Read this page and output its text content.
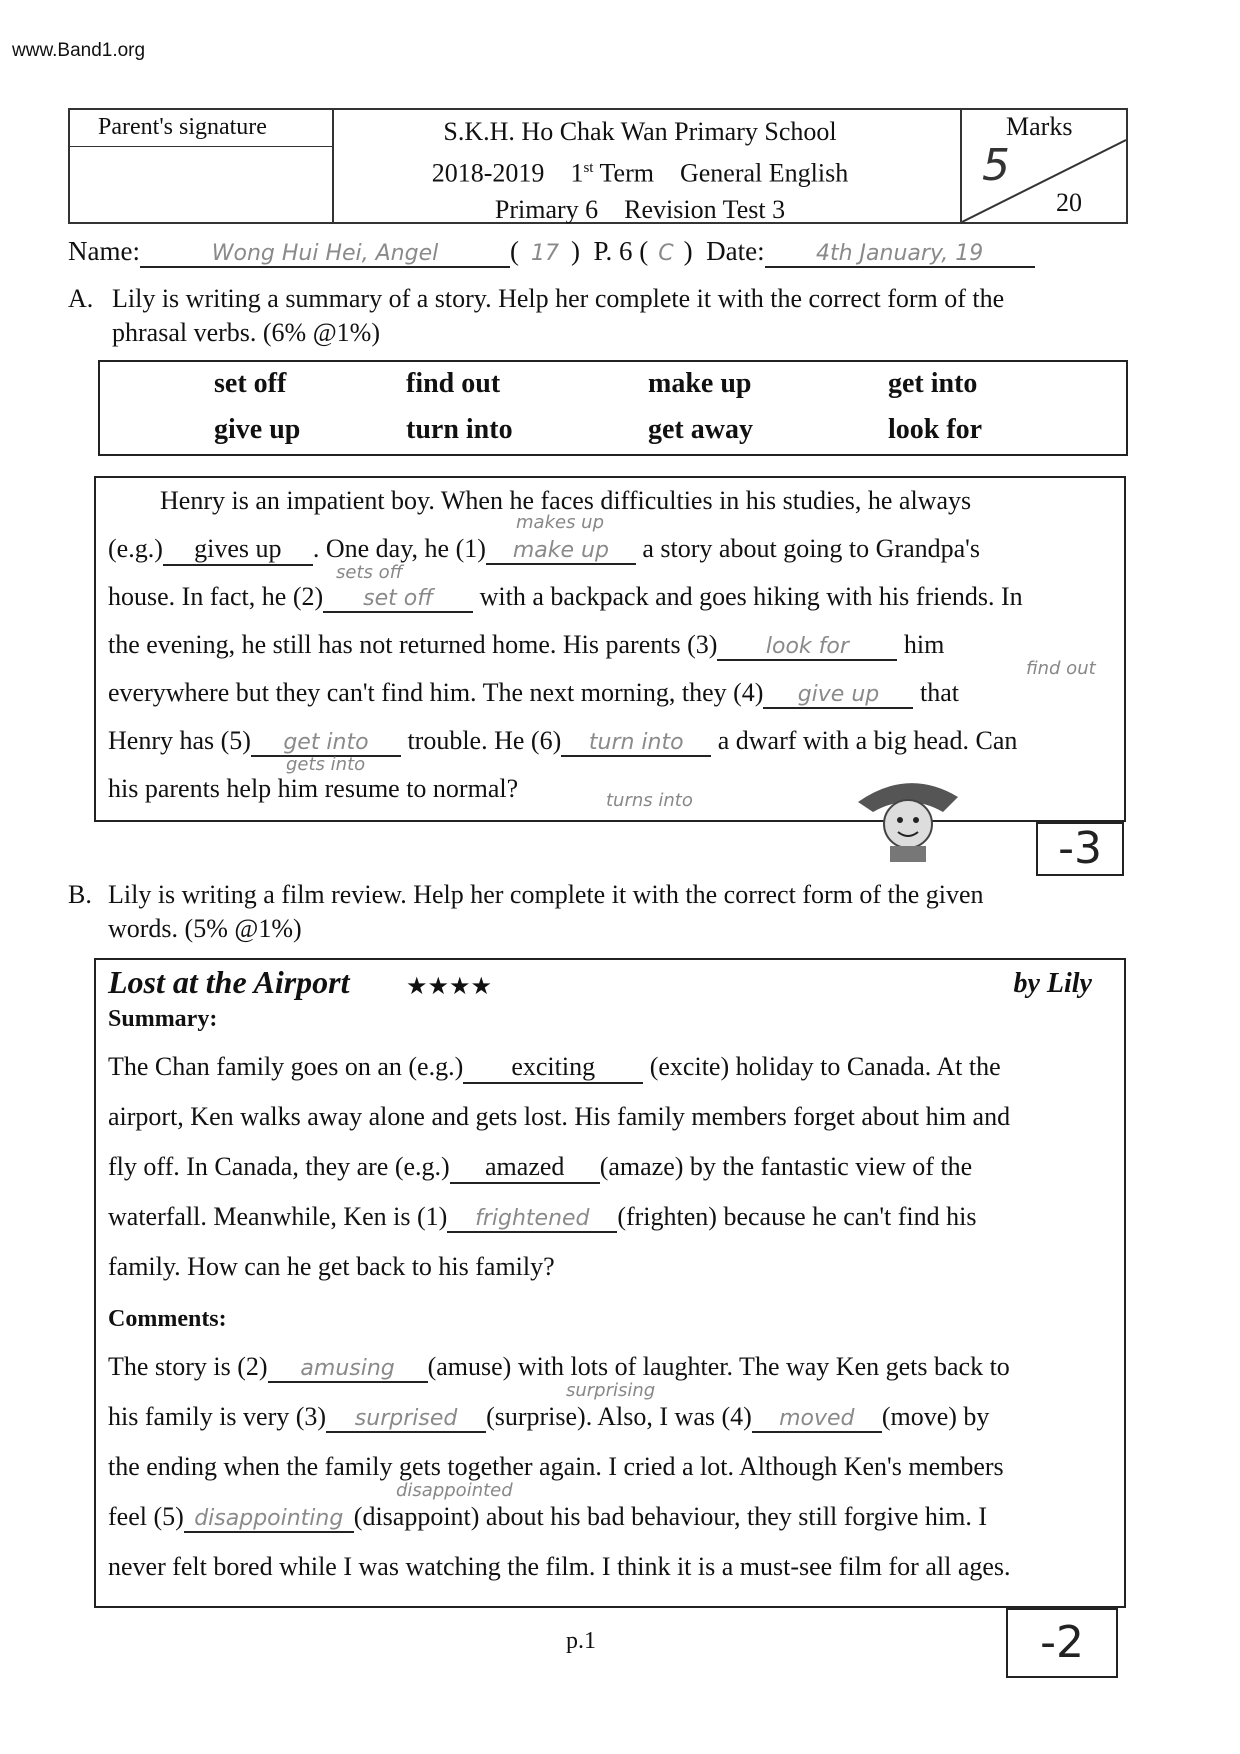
www.Band1.org
Parent's signature	S.K.H. Ho Chak Wan Primary School
2018-2019 1st Term General English
Primary 6 Revision Test 3
Marks
5
20
Name:	Wong Hui Hei, Angel	( 17 )  P. 6 ( C )  Date: 4th January, 19
A. Lily is writing a summary of a story. Help her complete it with the correct form of the
phrasal verbs. (6% @1%)
set off	find out	make up	get into
give up	turn into	get away	look for
Henry is an impatient boy. When he faces difficulties in his studies, he always
(e.g.) gives up . One day, he (1) make up a story about going to Grandpa's
house. In fact, he (2) set off with a backpack and goes hiking with his friends. In
the evening, he still has not returned home. His parents (3) look for him
everywhere but they can't find him. The next morning, they (4) give up that
Henry has (5) get into trouble. He (6) turn into a dwarf with a big head. Can
his parents help him resume to normal?
makes up
sets off
find out
gets into
turns into
-3
B. Lily is writing a film review. Help her complete it with the correct form of the given
words. (5% @1%)
Lost at the Airport ★★★★	by Lily
Summary:
The Chan family goes on an (e.g.) exciting (excite) holiday to Canada. At the
airport, Ken walks away alone and gets lost. His family members forget about him and
fly off. In Canada, they are (e.g.) amazed (amaze) by the fantastic view of the
waterfall. Meanwhile, Ken is (1) frightened (frighten) because he can't find his
family. How can he get back to his family?
Comments:
The story is (2) amusing (amuse) with lots of laughter. The way Ken gets back to
his family is very (3) surprised (surprise). Also, I was (4) moved (move) by
the ending when the family gets together again. I cried a lot. Although Ken's members
feel (5) disappointing (disappoint) about his bad behaviour, they still forgive him. I
never felt bored while I was watching the film. I think it is a must-see film for all ages.
surprising
disappointed
p.1	-2
